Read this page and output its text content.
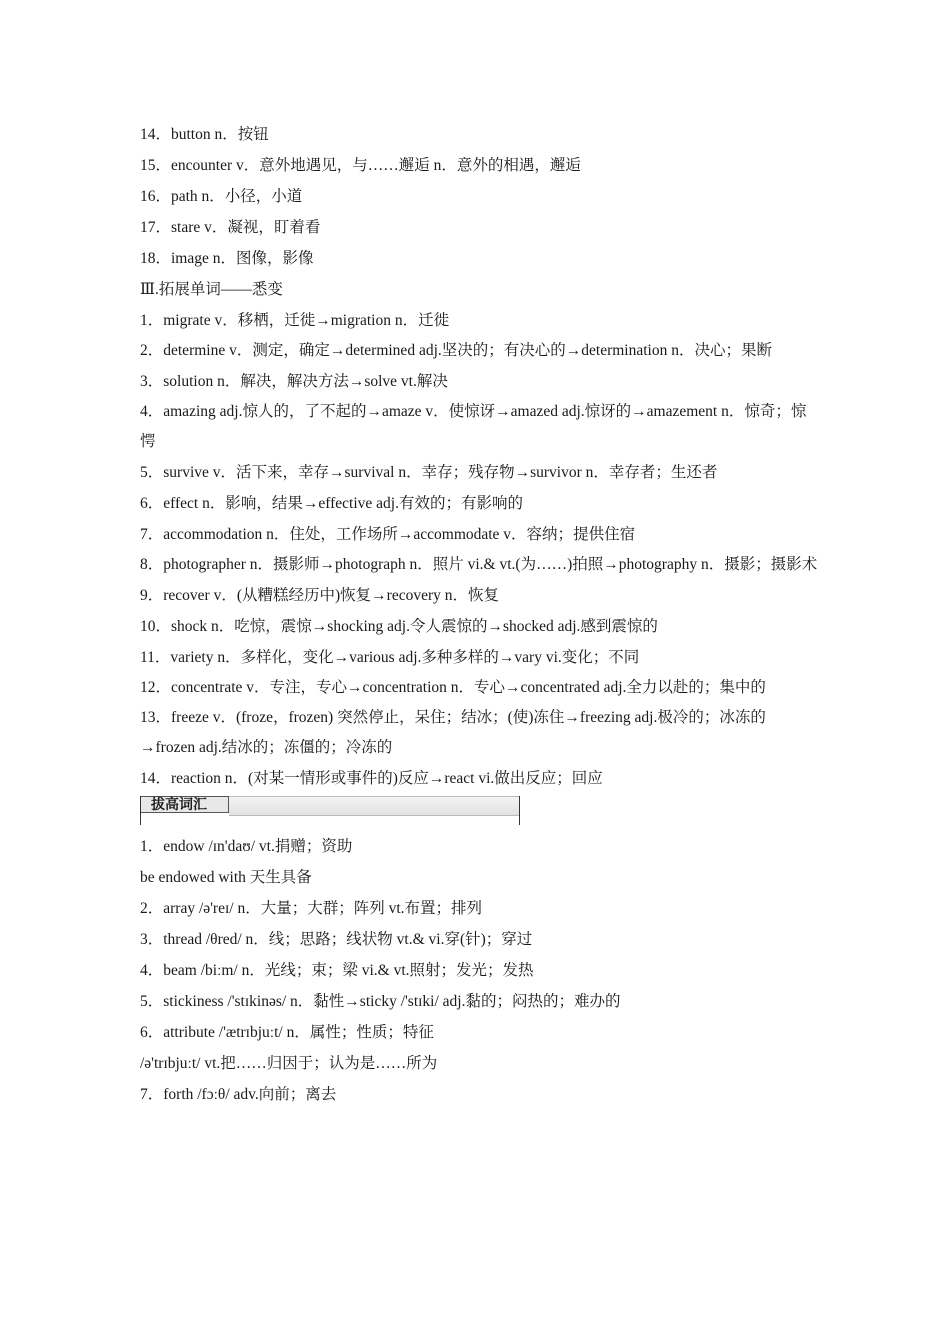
14．button n．按钮
15．encounter v．意外地遇见，与……邂逅 n．意外的相遇，邂逅
16．path n．小径，小道
17．stare v．凝视，盯着看
18．image n．图像，影像
Ⅲ.拓展单词——悉变
1．migrate v．移栖，迁徙→migration n．迁徙
2．determine v．测定，确定→determined adj.坚决的；有决心的→determination n．决心；果断
3．solution n．解决，解决方法→solve vt.解决
4．amazing adj.惊人的，了不起的→amaze v．使惊讶→amazed adj.惊讶的→amazement n．惊奇；惊愕
5．survive v．活下来，幸存→survival n．幸存；残存物→survivor n．幸存者；生还者
6．effect n．影响，结果→effective adj.有效的；有影响的
7．accommodation n．住处，工作场所→accommodate v．容纳；提供住宿
8．photographer n．摄影师→photograph n．照片 vi.& vt.(为……)拍照→photography n．摄影；摄影术
9．recover v．(从糟糕经历中)恢复→recovery n．恢复
10．shock n．吃惊，震惊→shocking adj.令人震惊的→shocked adj.感到震惊的
11．variety n．多样化，变化→various adj.多种多样的→vary vi.变化；不同
12．concentrate v．专注，专心→concentration n．专心→concentrated adj.全力以赴的；集中的
13．freeze v．(froze，frozen) 突然停止，呆住；结冰；(使)冻住→freezing adj.极冷的；冰冻的→frozen adj.结冰的；冻僵的；冷冻的
14．reaction n．(对某一情形或事件的)反应→react vi.做出反应；回应
拔高词汇
1．endow /ɪn'daʊ/ vt.捐赠；资助
be endowed with 天生具备
2．array /ə'reɪ/ n．大量；大群；阵列 vt.布置；排列
3．thread /θred/ n．线；思路；线状物 vt.& vi.穿(针)；穿过
4．beam /biːm/ n．光线；束；梁 vi.& vt.照射；发光；发热
5．stickiness /'stɪkinəs/ n．黏性→sticky /'stɪki/ adj.黏的；闷热的；难办的
6．attribute /'ætrɪbjuːt/ n．属性；性质；特征
/ə'trɪbjuːt/ vt.把……归因于；认为是……所为
7．forth /fɔːθ/ adv.向前；离去
